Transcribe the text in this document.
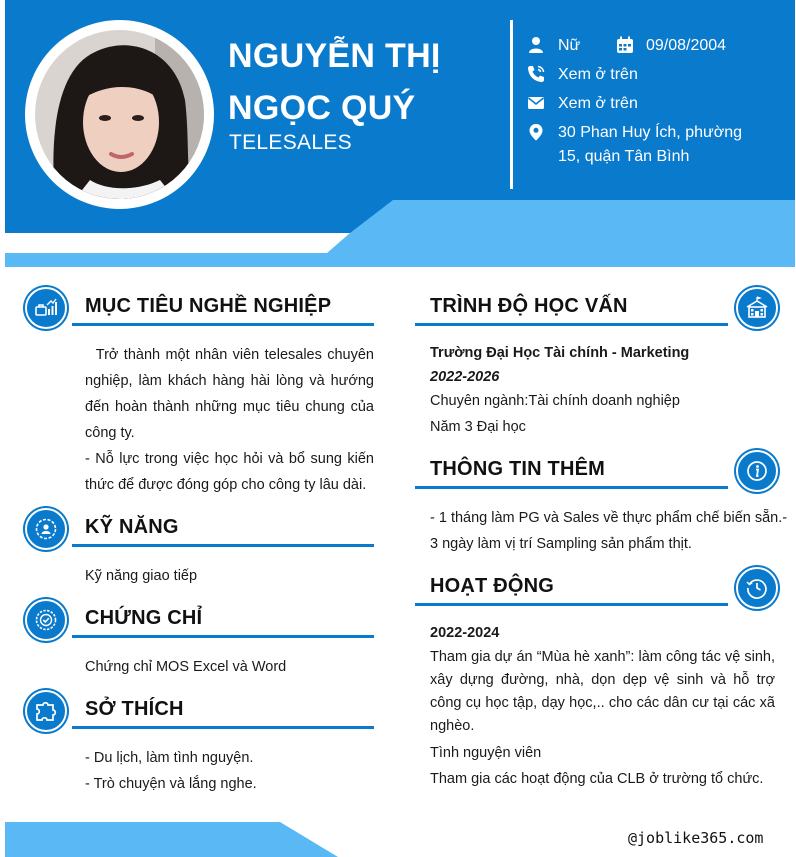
NGUYỄN THỊ
NGỌC QUÝ
TELESALES
Nữ	09/08/2004
Xem ở trên
Xem ở trên
30 Phan Huy Ích, phường
15, quận Tân Bình
MỤC TIÊU NGHỀ NGHIỆP
Trở thành một nhân viên telesales chuyên nghiệp, làm khách hàng hài lòng và hướng đến hoàn thành những mục tiêu chung của công ty.
- Nỗ lực trong việc học hỏi và bổ sung kiến thức để được đóng góp cho công ty lâu dài.
KỸ NĂNG
Kỹ năng giao tiếp
CHỨNG CHỈ
Chứng chỉ MOS Excel và Word
SỞ THÍCH
- Du lịch, làm tình nguyện.
- Trò chuyện và lắng nghe.
TRÌNH ĐỘ HỌC VẤN
Trường Đại Học Tài chính - Marketing
2022-2026
Chuyên ngành:Tài chính doanh nghiệp
Năm 3 Đại học
THÔNG TIN THÊM
- 1 tháng làm PG và Sales về thực phẩm chế biến sẵn.-
3 ngày làm vị trí Sampling sản phẩm thịt.
HOẠT ĐỘNG
2022-2024
Tham gia dự án “Mùa hè xanh”: làm công tác vệ sinh, xây dựng đường, nhà, dọn dẹp vệ sinh và hỗ trợ công cụ học tập, dạy học,.. cho các dân cư tại các xã nghèo.
Tình nguyện viên
Tham gia các hoạt động của CLB ở trường tổ chức.
@joblike365.com
